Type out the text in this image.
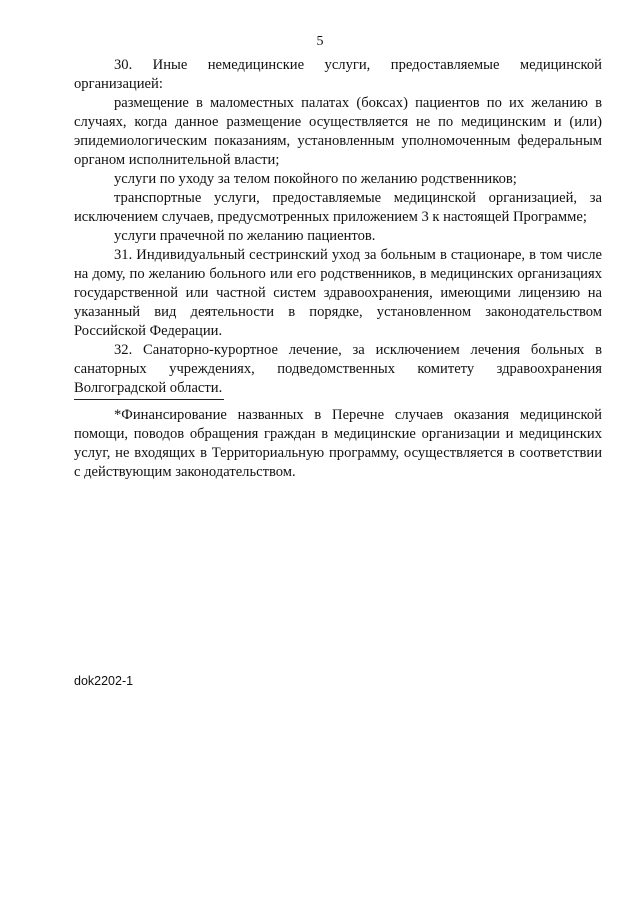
5

30. Иные немедицинские услуги, предоставляемые медицинской организацией:

размещение в маломестных палатах (боксах) пациентов по их желанию в случаях, когда данное размещение осуществляется не по медицинским и (или) эпидемиологическим показаниям, установленным уполномоченным федеральным органом исполнительной власти;

услуги по уходу за телом покойного по желанию родственников;

транспортные услуги, предоставляемые медицинской организацией, за исключением случаев, предусмотренных приложением 3 к настоящей Программе;

услуги прачечной по желанию пациентов.

31. Индивидуальный сестринский уход за больным в стационаре, в том числе на дому, по желанию больного или его родственников, в медицинских организациях государственной или частной систем здравоохранения, имеющими лицензию на указанный вид деятельности в порядке, установленном законодательством Российской Федерации.

32. Санаторно-курортное лечение, за исключением лечения больных в санаторных учреждениях, подведомственных комитету здравоохранения Волгоградской области.

*Финансирование названных в Перечне случаев оказания медицинской помощи, поводов обращения граждан в медицинские организации и медицинских услуг, не входящих в Территориальную программу, осуществляется в соответствии с действующим законодательством.

dok2202-1
